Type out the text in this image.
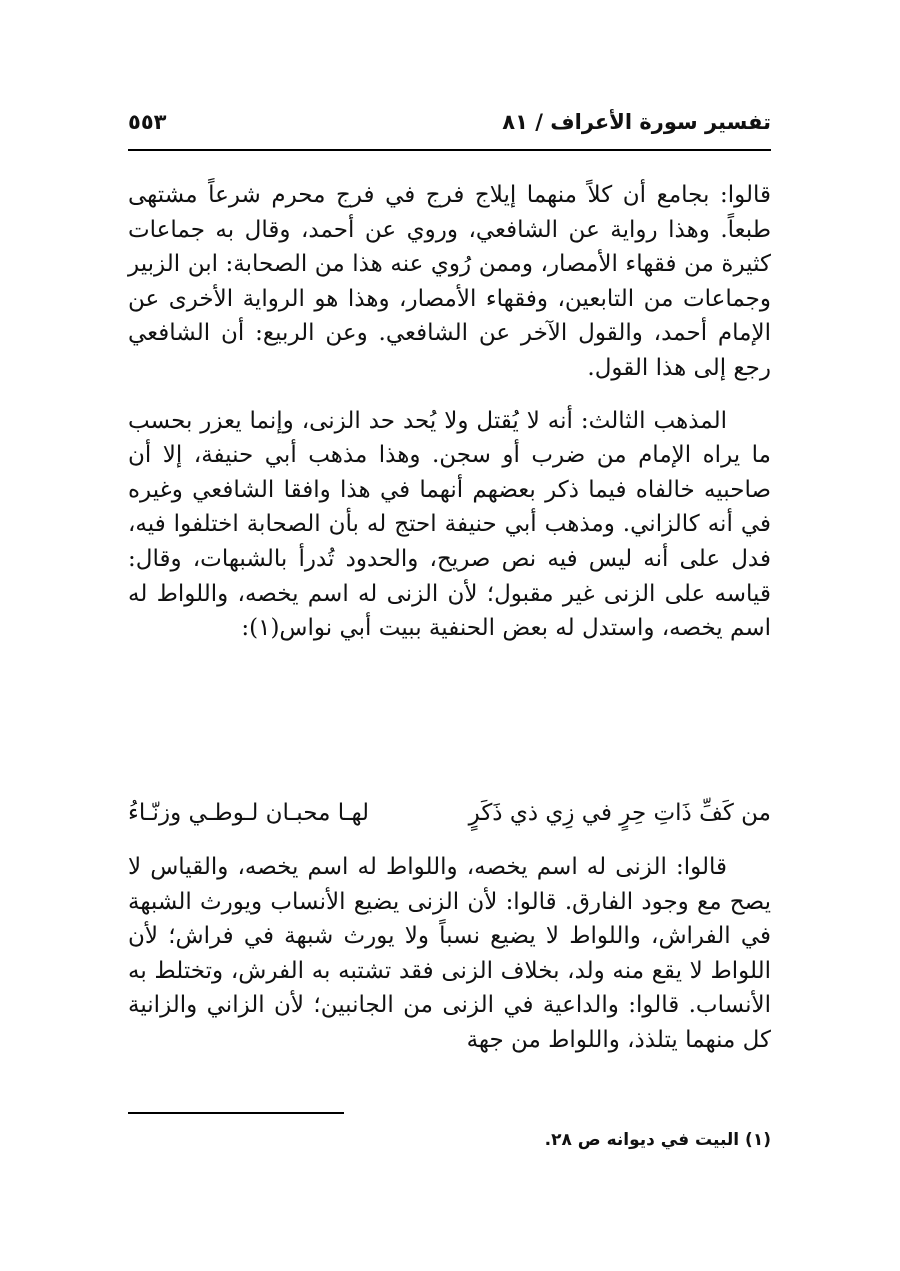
تفسير سورة الأعراف / ٨١
٥٥٣

قالوا: بجامع أن كلاً منهما إيلاج فرج في فرج محرم شرعاً مشتهى طبعاً. وهذا رواية عن الشافعي، وروي عن أحمد، وقال به جماعات كثيرة من فقهاء الأمصار، وممن رُوي عنه هذا من الصحابة: ابن الزبير وجماعات من التابعين، وفقهاء الأمصار، وهذا هو الرواية الأخرى عن الإمام أحمد، والقول الآخر عن الشافعي. وعن الربيع: أن الشافعي رجع إلى هذا القول.

المذهب الثالث: أنه لا يُقتل ولا يُحد حد الزنى، وإنما يعزر بحسب ما يراه الإمام من ضرب أو سجن. وهذا مذهب أبي حنيفة، إلا أن صاحبيه خالفاه فيما ذكر بعضهم أنهما في هذا وافقا الشافعي وغيره في أنه كالزاني. ومذهب أبي حنيفة احتج له بأن الصحابة اختلفوا فيه، فدل على أنه ليس فيه نص صريح، والحدود تُدرأ بالشبهات، وقال: قياسه على الزنى غير مقبول؛ لأن الزنى له اسم يخصه، واللواط له اسم يخصه، واستدل له بعض الحنفية ببيت أبي نواس(١):

من كَفِّ ذَاتِ حِرٍ في زِي ذي ذَكَرٍ
لهـا محبـان لـوطـي وزنّـاءُ

قالوا: الزنى له اسم يخصه، واللواط له اسم يخصه، والقياس لا يصح مع وجود الفارق. قالوا: لأن الزنى يضيع الأنساب ويورث الشبهة في الفراش، واللواط لا يضيع نسباً ولا يورث شبهة في فراش؛ لأن اللواط لا يقع منه ولد، بخلاف الزنى فقد تشتبه به الفرش، وتختلط به الأنساب. قالوا: والداعية في الزنى من الجانبين؛ لأن الزاني والزانية كل منهما يتلذذ، واللواط من جهة

(١) البيت في ديوانه ص ٢٨.
